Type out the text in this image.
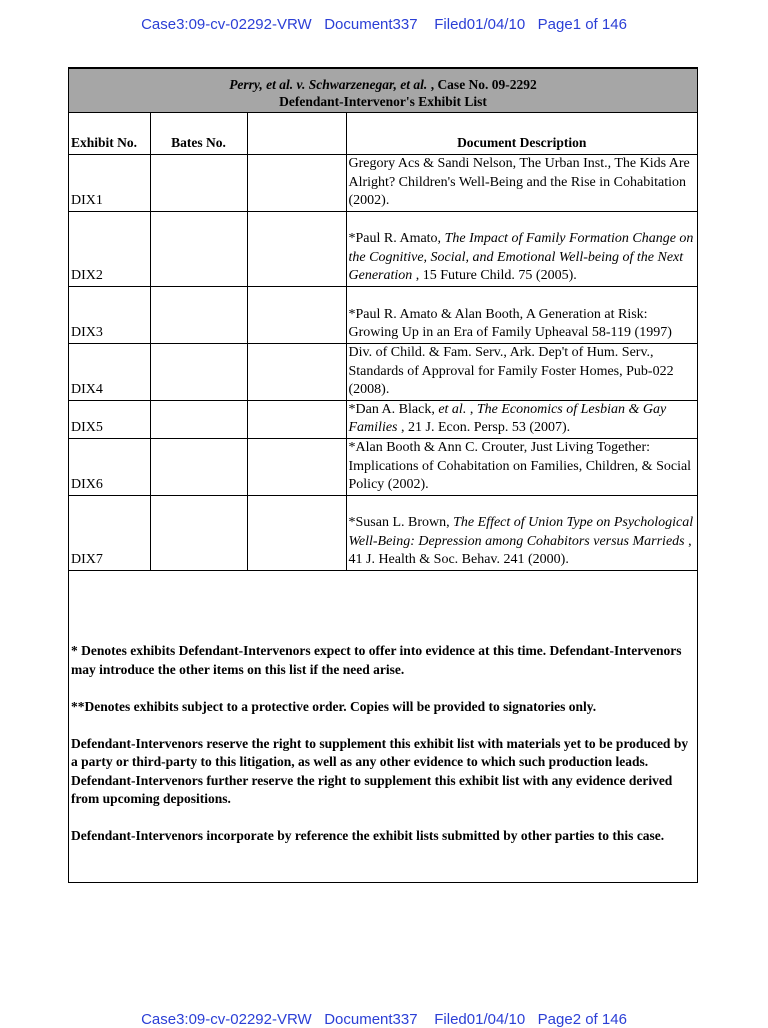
Case3:09-cv-02292-VRW   Document337    Filed01/04/10   Page1 of 146
Perry, et al. v. Schwarzenegar, et al. , Case No. 09-2292
Defendant-Intervenor's Exhibit List
Exhibit No.	Bates No.		Document Description
DIX1			Gregory Acs & Sandi Nelson, The Urban Inst., The Kids Are Alright? Children's Well-Being and the Rise in Cohabitation (2002).
DIX2			*Paul R. Amato, The Impact of Family Formation Change on the Cognitive, Social, and Emotional Well-being of the Next Generation , 15 Future Child. 75 (2005).
DIX3			*Paul R. Amato & Alan Booth, A Generation at Risk: Growing Up in an Era of Family Upheaval 58-119 (1997)
DIX4			Div. of Child. & Fam. Serv., Ark. Dep't of Hum. Serv., Standards of Approval for Family Foster Homes, Pub-022 (2008).
DIX5			*Dan A. Black, et al. , The Economics of Lesbian & Gay Families , 21 J. Econ. Persp. 53 (2007).
DIX6			*Alan Booth & Ann C. Crouter, Just Living Together: Implications of Cohabitation on Families, Children, & Social Policy (2002).
DIX7			*Susan L. Brown, The Effect of Union Type on Psychological Well-Being: Depression among Cohabitors versus Marrieds , 41 J. Health & Soc. Behav. 241 (2000).

* Denotes exhibits Defendant-Intervenors expect to offer into evidence at this time. Defendant-Intervenors may introduce the other items on this list if the need arise.

**Denotes exhibits subject to a protective order. Copies will be provided to signatories only.

Defendant-Intervenors reserve the right to supplement this exhibit list with materials yet to be produced by a party or third-party to this litigation, as well as any other evidence to which such production leads. Defendant-Intervenors further reserve the right to supplement this exhibit list with any evidence derived from upcoming depositions.

Defendant-Intervenors incorporate by reference the exhibit lists submitted by other parties to this case.

Case3:09-cv-02292-VRW   Document337    Filed01/04/10   Page2 of 146
